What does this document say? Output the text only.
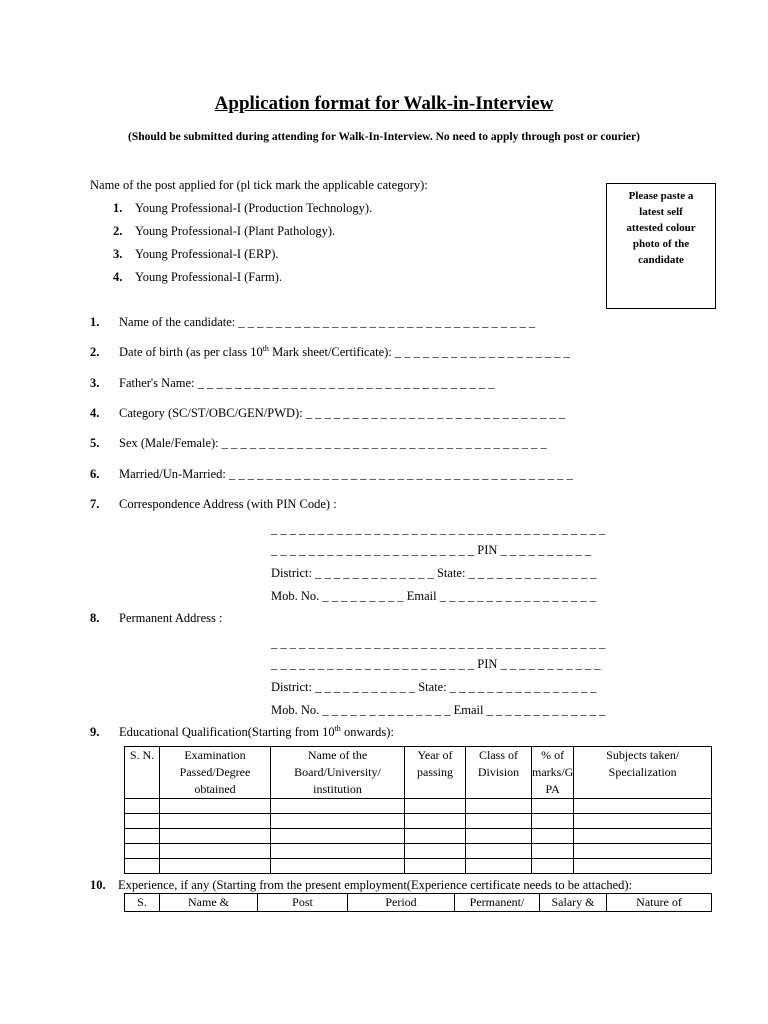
Application format for Walk-in-Interview
(Should be submitted during attending for Walk-In-Interview. No need to apply through post or courier)
Name of the post applied for (pl tick mark the applicable category):
1. Young Professional-I (Production Technology).
2. Young Professional-I (Plant Pathology).
3. Young Professional-I (ERP).
4. Young Professional-I (Farm).
Please paste a
latest self
attested colour
photo of the
candidate
1. Name of the candidate: _ _ _ _ _ _ _ _ _ _ _ _ _ _ _ _ _ _ _ _ _ _ _ _ _ _ _ _ _ _ _ _
2. Date of birth (as per class 10th Mark sheet/Certificate): _ _ _ _ _ _ _ _ _ _ _ _ _ _ _ _ _ _ _
3. Father's Name: _ _ _ _ _ _ _ _ _ _ _ _ _ _ _ _ _ _ _ _ _ _ _ _ _ _ _ _ _ _ _ _
4. Category (SC/ST/OBC/GEN/PWD): _ _ _ _ _ _ _ _ _ _ _ _ _ _ _ _ _ _ _ _ _ _ _ _ _ _ _ _
5. Sex (Male/Female): _ _ _ _ _ _ _ _ _ _ _ _ _ _ _ _ _ _ _ _ _ _ _ _ _ _ _ _ _ _ _ _ _ _ _
6. Married/Un-Married: _ _ _ _ _ _ _ _ _ _ _ _ _ _ _ _ _ _ _ _ _ _ _ _ _ _ _ _ _ _ _ _ _ _ _ _ _
7. Correspondence Address (with PIN Code) :
_ _ _ _ _ _ _ _ _ _ _ _ _ _ _ _ _ _ _ _ _ _ _ _ _ _ _ _ _ _ _ _ _ _ _ _
_ _ _ _ _ _ _ _ _ _ _ _ _ _ _ _ _ _ _ _ _ _ PIN _ _ _ _ _ _ _ _ _ _
District: _ _ _ _ _ _ _ _ _ _ _ _ _ State: _ _ _ _ _ _ _ _ _ _ _ _ _ _
Mob. No. _ _ _ _ _ _ _ _ _ Email _ _ _ _ _ _ _ _ _ _ _ _ _ _ _ _ _
8. Permanent Address :
_ _ _ _ _ _ _ _ _ _ _ _ _ _ _ _ _ _ _ _ _ _ _ _ _ _ _ _ _ _ _ _ _ _ _ _
_ _ _ _ _ _ _ _ _ _ _ _ _ _ _ _ _ _ _ _ _ _ PIN _ _ _ _ _ _ _ _ _ _ _
District: _ _ _ _ _ _ _ _ _ _ _ State: _ _ _ _ _ _ _ _ _ _ _ _ _ _ _ _
Mob. No. _ _ _ _ _ _ _ _ _ _ _ _ _ _ Email _ _ _ _ _ _ _ _ _ _ _ _ _
9. Educational Qualification(Starting from 10th onwards):
S. N.	Examination Passed/Degree obtained	Name of the Board/University/ institution	Year of passing	Class of Division	% of marks/G PA	Subjects taken/ Specialization

10. Experience, if any (Starting from the present employment(Experience certificate needs to be attached):
S.	Name &	Post	Period	Permanent/	Salary &	Nature of
